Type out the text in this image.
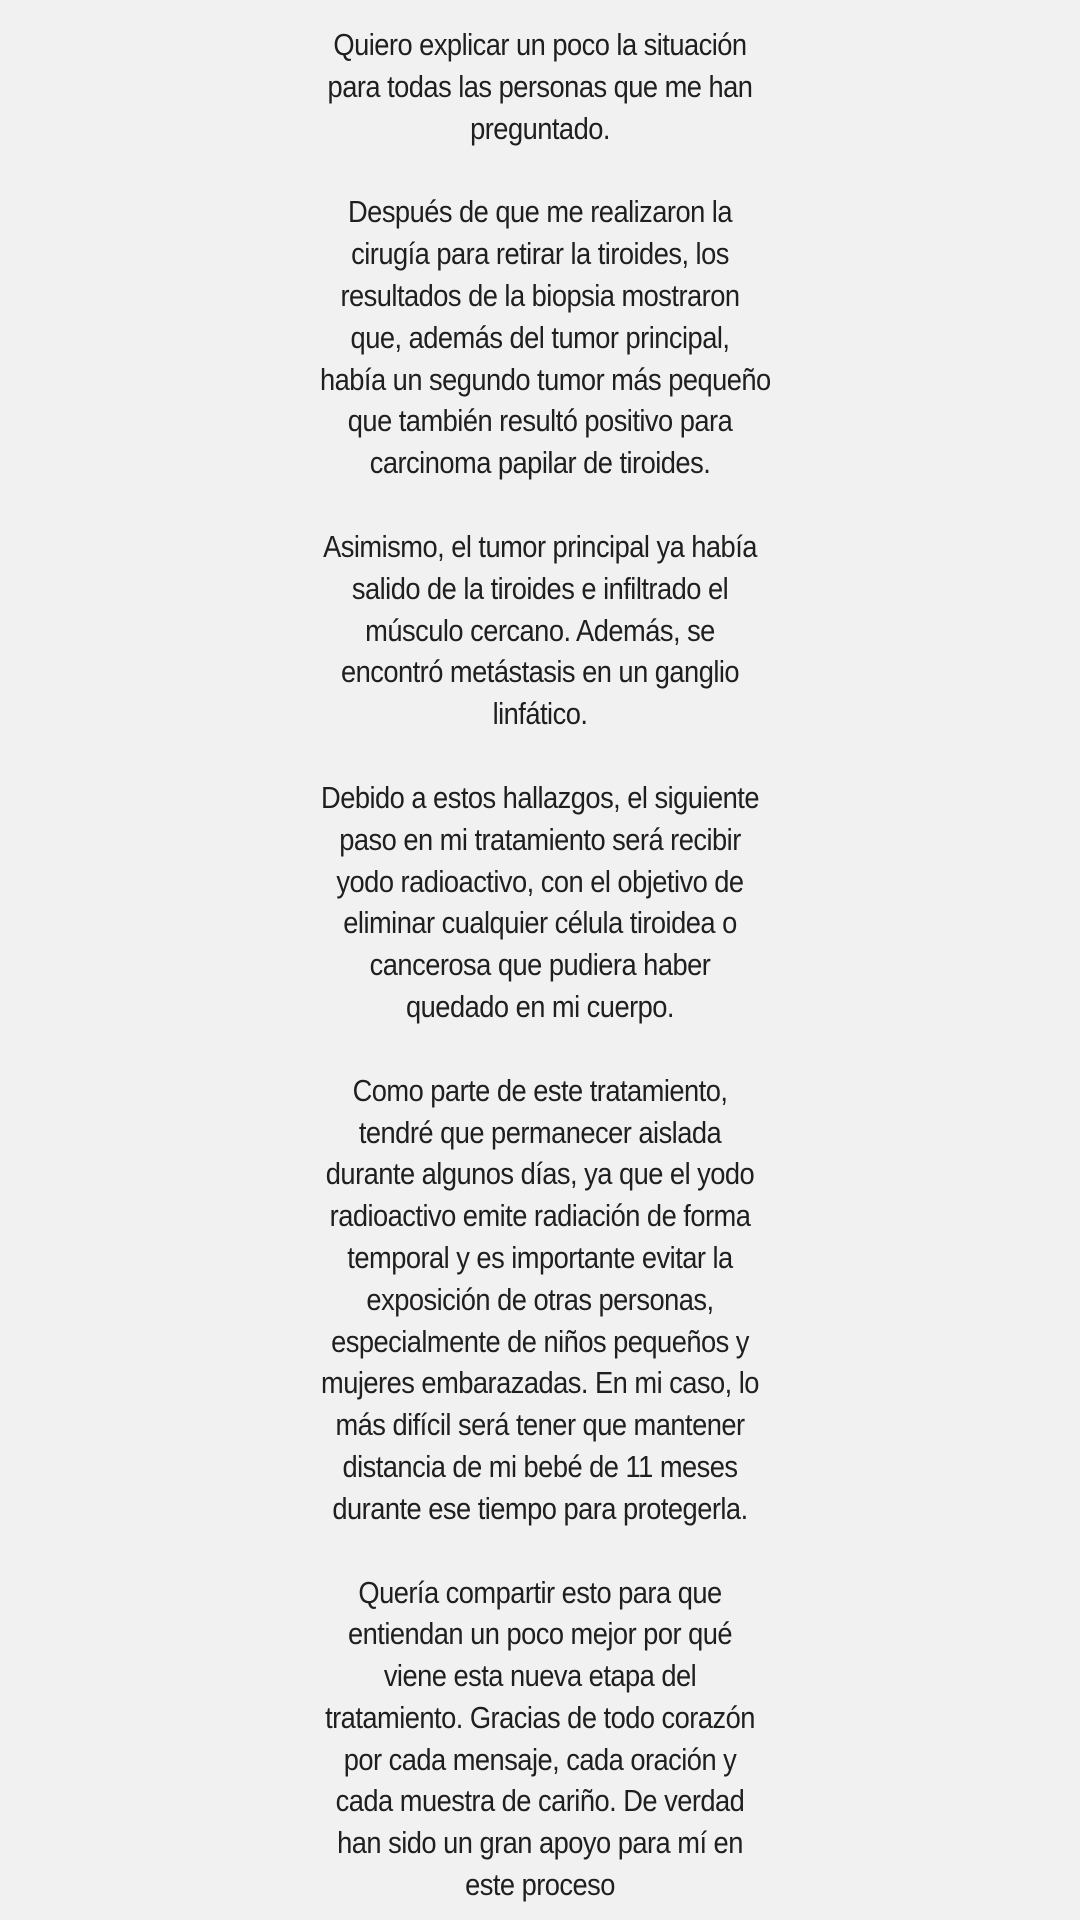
Quiero explicar un poco la situación
para todas las personas que me han
preguntado.
Después de que me realizaron la
cirugía para retirar la tiroides, los
resultados de la biopsia mostraron
que, además del tumor principal,
había un segundo tumor más pequeño
que también resultó positivo para
carcinoma papilar de tiroides.
Asimismo, el tumor principal ya había
salido de la tiroides e infiltrado el
músculo cercano. Además, se
encontró metástasis en un ganglio
linfático.
Debido a estos hallazgos, el siguiente
paso en mi tratamiento será recibir
yodo radioactivo, con el objetivo de
eliminar cualquier célula tiroidea o
cancerosa que pudiera haber
quedado en mi cuerpo.
Como parte de este tratamiento,
tendré que permanecer aislada
durante algunos días, ya que el yodo
radioactivo emite radiación de forma
temporal y es importante evitar la
exposición de otras personas,
especialmente de niños pequeños y
mujeres embarazadas. En mi caso, lo
más difícil será tener que mantener
distancia de mi bebé de 11 meses
durante ese tiempo para protegerla.
Quería compartir esto para que
entiendan un poco mejor por qué
viene esta nueva etapa del
tratamiento. Gracias de todo corazón
por cada mensaje, cada oración y
cada muestra de cariño. De verdad
han sido un gran apoyo para mí en
este proceso
